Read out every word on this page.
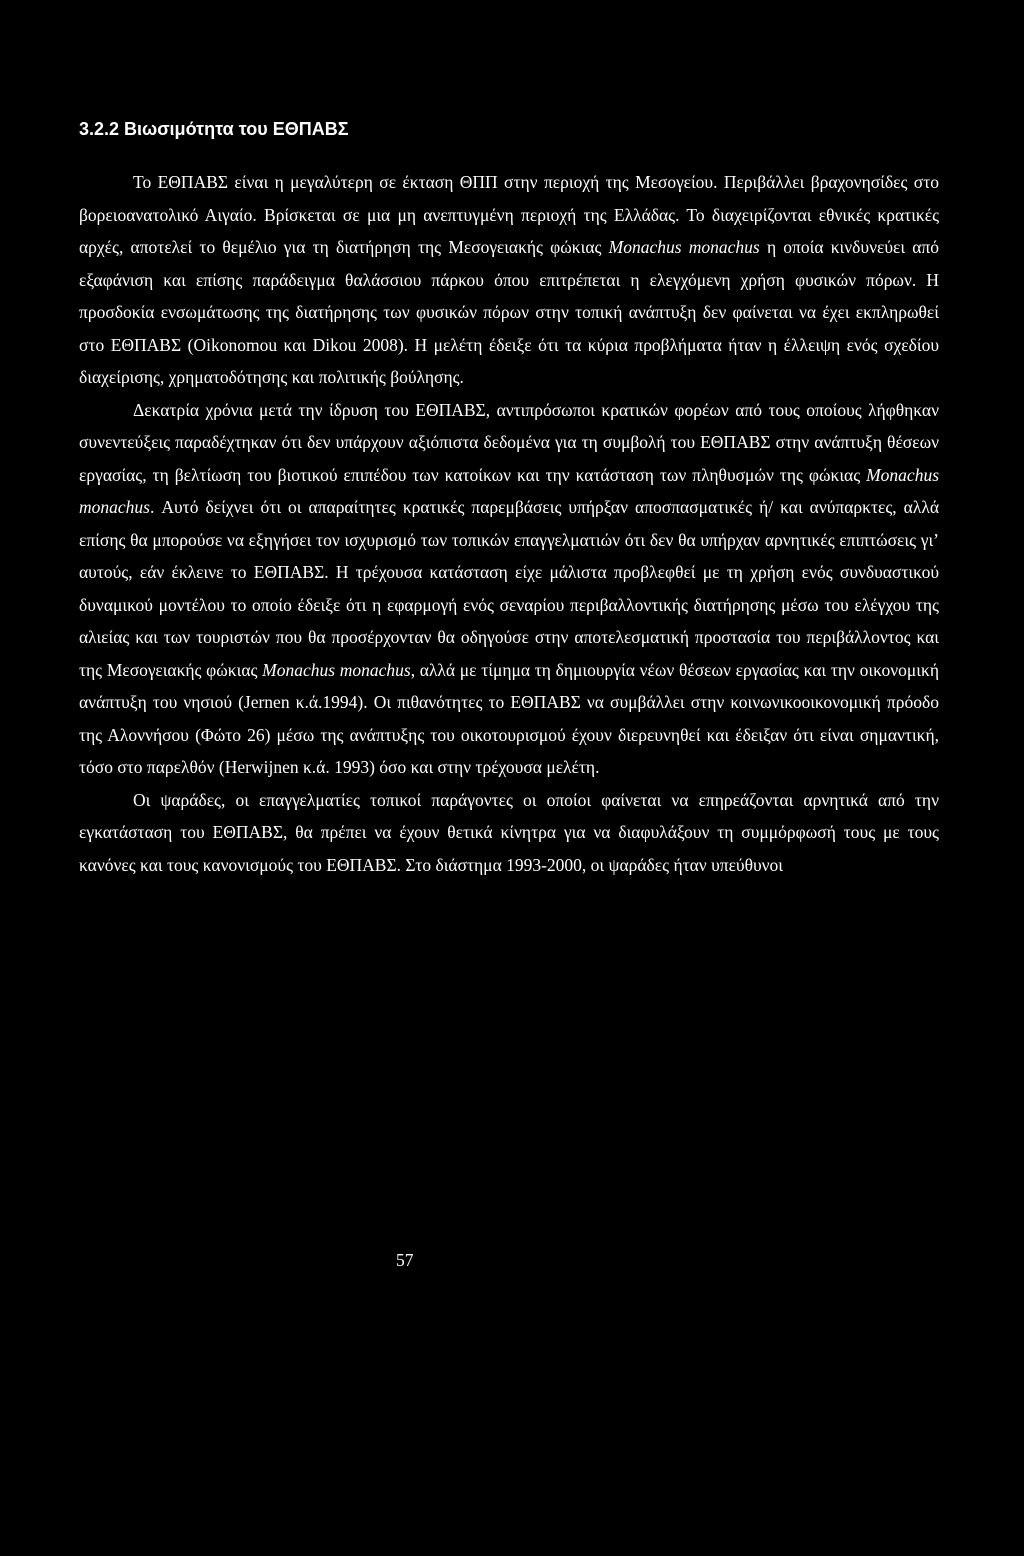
3.2.2 Βιωσιμότητα του ΕΘΠΑΒΣ

Το ΕΘΠΑΒΣ είναι η μεγαλύτερη σε έκταση ΘΠΠ στην περιοχή της Μεσογείου. Περιβάλλει βραχονησίδες στο βορειοανατολικό Αιγαίο. Βρίσκεται σε μια μη ανεπτυγμένη περιοχή της Ελλάδας. Το διαχειρίζονται εθνικές κρατικές αρχές, αποτελεί το θεμέλιο για τη διατήρηση της Μεσογειακής φώκιας Monachus monachus η οποία κινδυνεύει από εξαφάνιση και επίσης παράδειγμα θαλάσσιου πάρκου όπου επιτρέπεται η ελεγχόμενη χρήση φυσικών πόρων. Η προσδοκία ενσωμάτωσης της διατήρησης των φυσικών πόρων στην τοπική ανάπτυξη δεν φαίνεται να έχει εκπληρωθεί στο ΕΘΠΑΒΣ (Oikonomou και Dikou 2008). Η μελέτη έδειξε ότι τα κύρια προβλήματα ήταν η έλλειψη ενός σχεδίου διαχείρισης, χρηματοδότησης και πολιτικής βούλησης.

Δεκατρία χρόνια μετά την ίδρυση του ΕΘΠΑΒΣ, αντιπρόσωποι κρατικών φορέων από τους οποίους λήφθηκαν συνεντεύξεις παραδέχτηκαν ότι δεν υπάρχουν αξιόπιστα δεδομένα για τη συμβολή του ΕΘΠΑΒΣ στην ανάπτυξη θέσεων εργασίας, τη βελτίωση του βιοτικού επιπέδου των κατοίκων και την κατάσταση των πληθυσμών της φώκιας Monachus monachus. Αυτό δείχνει ότι οι απαραίτητες κρατικές παρεμβάσεις υπήρξαν αποσπασματικές ή/ και ανύπαρκτες, αλλά επίσης θα μπορούσε να εξηγήσει τον ισχυρισμό των τοπικών επαγγελματιών ότι δεν θα υπήρχαν αρνητικές επιπτώσεις γι’ αυτούς, εάν έκλεινε το ΕΘΠΑΒΣ. Η τρέχουσα κατάσταση είχε μάλιστα προβλεφθεί με τη χρήση ενός συνδυαστικού δυναμικού μοντέλου το οποίο έδειξε ότι η εφαρμογή ενός σεναρίου περιβαλλοντικής διατήρησης μέσω του ελέγχου της αλιείας και των τουριστών που θα προσέρχονταν θα οδηγούσε στην αποτελεσματική προστασία του περιβάλλοντος και της Μεσογειακής φώκιας Monachus monachus, αλλά με τίμημα τη δημιουργία νέων θέσεων εργασίας και την οικονομική ανάπτυξη του νησιού (Jernen κ.ά.1994). Οι πιθανότητες το ΕΘΠΑΒΣ να συμβάλλει στην κοινωνικοοικονομική πρόοδο της Αλοννήσου (Φώτο 26) μέσω της ανάπτυξης του οικοτουρισμού έχουν διερευνηθεί και έδειξαν ότι είναι σημαντική, τόσο στο παρελθόν (Herwijnen κ.ά. 1993) όσο και στην τρέχουσα μελέτη.

Οι ψαράδες, οι επαγγελματίες τοπικοί παράγοντες οι οποίοι φαίνεται να επηρεάζονται αρνητικά από την εγκατάσταση του ΕΘΠΑΒΣ, θα πρέπει να έχουν θετικά κίνητρα για να διαφυλάξουν τη συμμόρφωσή τους με τους κανόνες και τους κανονισμούς του ΕΘΠΑΒΣ. Στο διάστημα 1993-2000, οι ψαράδες ήταν υπεύθυνοι

57
